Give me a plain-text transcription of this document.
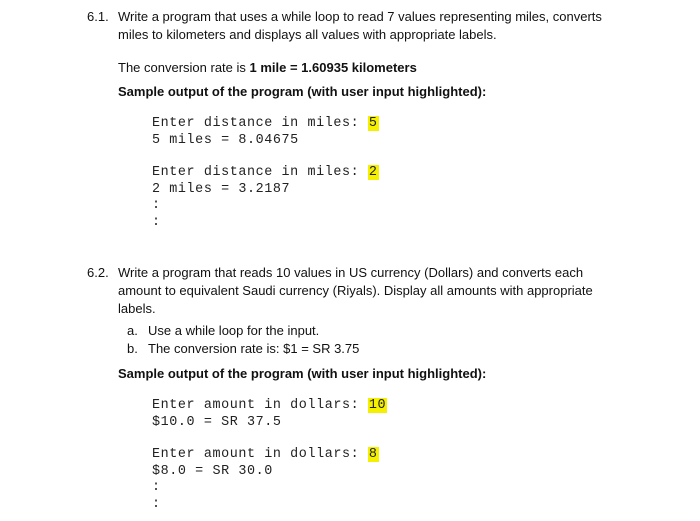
6.1. Write a program that uses a while loop to read 7 values representing miles, converts
miles to kilometers and displays all values with appropriate labels.
The conversion rate is 1 mile = 1.60935 kilometers
Sample output of the program (with user input highlighted):
Enter distance in miles: 5
5 miles = 8.04675
Enter distance in miles: 2
2 miles = 3.2187
:
:
6.2. Write a program that reads 10 values in US currency (Dollars) and converts each
amount to equivalent Saudi currency (Riyals). Display all amounts with appropriate
labels.
a. Use a while loop for the input.
b. The conversion rate is: $1 = SR 3.75
Sample output of the program (with user input highlighted):
Enter amount in dollars: 10
$10.0 = SR 37.5
Enter amount in dollars: 8
$8.0 = SR 30.0
:
:
